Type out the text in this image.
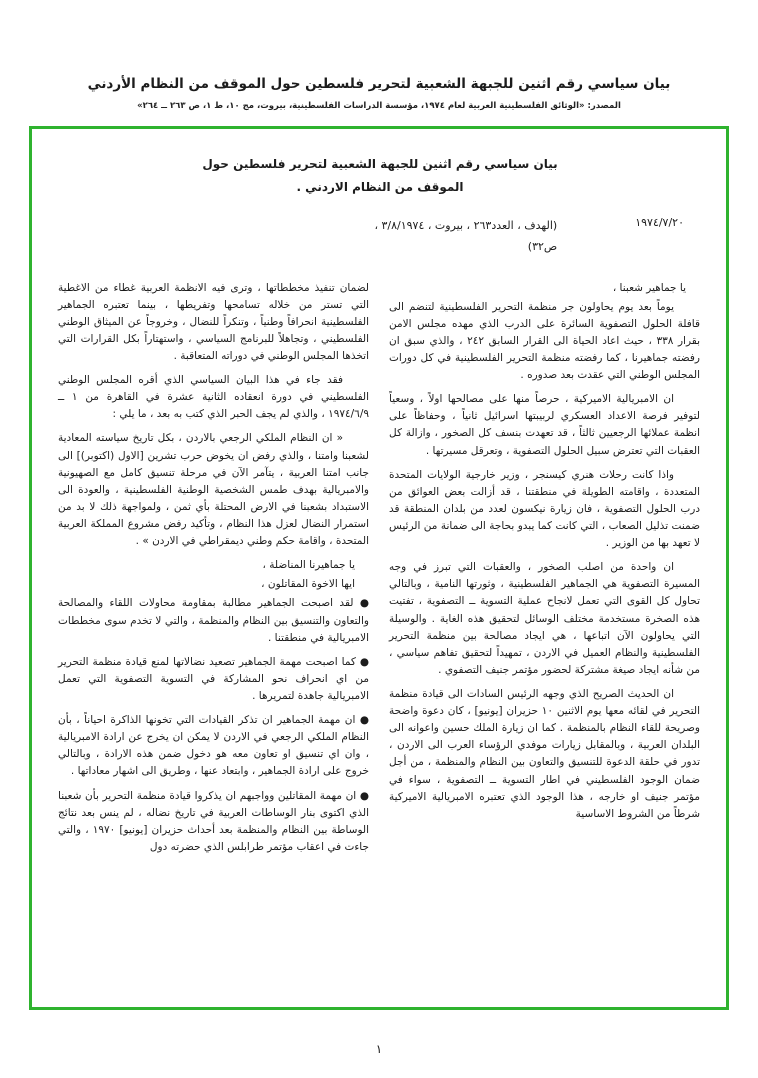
بيان سياسي رقم اثنين للجبهة الشعبية لتحرير فلسطين حول الموقف من النظام الأردني
المصدر: «الوثائق الفلسطينية العربية لعام ١٩٧٤، مؤسسة الدراسات الفلسطينية، بيروت، مج ١٠، ط ١، ص ٢٦٣ ــ ٢٦٤»
بيان سياسي رقم اثنين للجبهة الشعبية لتحرير فلسطين حول
الموقف من النظام الاردني .
١٩٧٤/٧/٢٠
(الهدف ، العدد٢٦٣ ، بيروت ، ٣/٨/١٩٧٤ ، ص٣٢)

يا جماهير شعبنا ،

يوماً بعد يوم يحاولون جر منظمة التحرير الفلسطينية لتنضم الى قافلة الحلول التصفوية السائرة على الدرب الذي مهده مجلس الامن بقرار ٣٣٨ ، حيث اعاد الحياة الى القرار السابق ٢٤٢ ، والذي سبق ان رفضته جماهيرنا ، كما رفضته منظمة التحرير الفلسطينية في كل دورات المجلس الوطني التي عقدت بعد صدوره .

ان الامبريالية الاميركية ، حرصاً منها على مصالحها اولاً ، وسعياً لتوفير فرصة الاعداد العسكري لربيبتها اسرائيل ثانياً ، وحفاظاً على انظمة عملائها الرجعيين ثالثاً ، قد تعهدت بنسف كل الصخور ، وازالة كل العقبات التي تعترض سبيل الحلول التصفوية ، وتعرقل مسيرتها .

واذا كانت رحلات هنري كيسنجر ، وزير خارجية الولايات المتحدة المتعددة ، واقامته الطويلة في منطقتنا ، قد أزالت بعض العوائق من درب الحلول التصفوية ، فان زيارة نيكسون لعدد من بلدان المنطقة قد ضمنت تذليل الصعاب ، التي كانت كما يبدو بحاجة الى ضمانة من الرئيس لا تعهد بها من الوزير .

ان واحدة من اصلب الصخور ، والعقبات التي تبرز في وجه المسيرة التصفوية هي الجماهير الفلسطينية ، وثورتها النامية ، وبالتالي تحاول كل القوى التي تعمل لانجاح عملية التسوية ــ التصفوية ، تفتيت هذه الصخرة مستخدمة مختلف الوسائل لتحقيق هذه الغاية . والوسيلة التي يحاولون الآن اتباعها ، هي ايجاد مصالحة بين منظمة التحرير الفلسطينية والنظام العميل في الاردن ، تمهيداً لتحقيق تفاهم سياسي ، من شأنه ايجاد صيغة مشتركة لحضور مؤتمر جنيف التصفوي .

ان الحديث الصريح الذي وجهه الرئيس السادات الى قيادة منظمة التحرير في لقائه معها يوم الاثنين ١٠ حزيران [يونيو] ، كان دعوة واضحة وصريحة للقاء النظام بالمنظمة . كما ان زيارة الملك حسين واعوانه الى البلدان العربية ، وبالمقابل زيارات موفدي الرؤساء العرب الى الاردن ، تدور في حلقة الدعوة للتنسيق والتعاون بين النظام والمنظمة ، من أجل ضمان الوجود الفلسطيني في اطار التسوية ــ التصفوية ، سواء في مؤتمر جنيف او خارجه ، هذا الوجود الذي تعتبره الامبريالية الاميركية شرطاً من الشروط الاساسية

لضمان تنفيذ مخططاتها ، وترى فيه الانظمة العربية غطاء من الاغطية التي تستر من خلاله تسامحها وتفريطها ، بينما تعتبره الجماهير الفلسطينية انحرافاً وطنياً ، وتنكراً للنضال ، وخروجاً عن الميثاق الوطني الفلسطيني ، وتجاهلاً للبرنامج السياسي ، واستهتاراً بكل القرارات التي اتخذها المجلس الوطني في دوراته المتعاقبة .

فقد جاء في هذا البيان السياسي الذي أقره المجلس الوطني الفلسطيني في دورة انعقاده الثانية عشرة في القاهرة من ١ ــ ١٩٧٤/٦/٩ ، والذي لم يجف الحبر الذي كتب به بعد ، ما يلي :

« ان النظام الملكي الرجعي بالاردن ، بكل تاريخ سياسته المعادية لشعبنا وامتنا ، والذي رفض ان يخوض حرب تشرين [الاول (اكتوبر)] الى جانب امتنا العربية ، يتآمر الآن في مرحلة تنسيق كامل مع الصهيونية والامبريالية بهدف طمس الشخصية الوطنية الفلسطينية ، والعودة الى الاستبداد بشعبنا في الارض المحتلة بأي ثمن ، ولمواجهة ذلك لا بد من استمرار النضال لعزل هذا النظام ، وتأكيد رفض مشروع المملكة العربية المتحدة ، واقامة حكم وطني ديمقراطي في الاردن » .

يا جماهيرنا المناضلة ،

ايها الاخوة المقاتلون ،

● لقد اصبحت الجماهير مطالبة بمقاومة محاولات اللقاء والمصالحة والتعاون والتنسيق بين النظام والمنظمة ، والتي لا تخدم سوى مخططات الامبريالية في منطقتنا .

● كما اصبحت مهمة الجماهير تصعيد نضالاتها لمنع قيادة منظمة التحرير من اي انحراف نحو المشاركة في التسوية التصفوية التي تعمل الامبريالية جاهدة لتمريرها .

● ان مهمة الجماهير ان تذكر القيادات التي تخونها الذاكرة احياناً ، بأن النظام الملكي الرجعي في الاردن لا يمكن ان يخرج عن ارادة الامبريالية ، وان اي تنسيق او تعاون معه هو دخول ضمن هذه الارادة ، وبالتالي خروج على ارادة الجماهير ، وابتعاد عنها ، وطريق الى اشهار معاداتها .

● ان مهمة المقاتلين وواجبهم ان يذكروا قيادة منظمة التحرير بأن شعبنا الذي اكتوى بنار الوساطات العربية في تاريخ نضاله ، لم ينس بعد نتائج الوساطة بين النظام والمنظمة بعد أحداث حزيران [يونيو] ١٩٧٠ ، والتي جاءت في اعقاب مؤتمر طرابلس الذي حضرته دول

١
